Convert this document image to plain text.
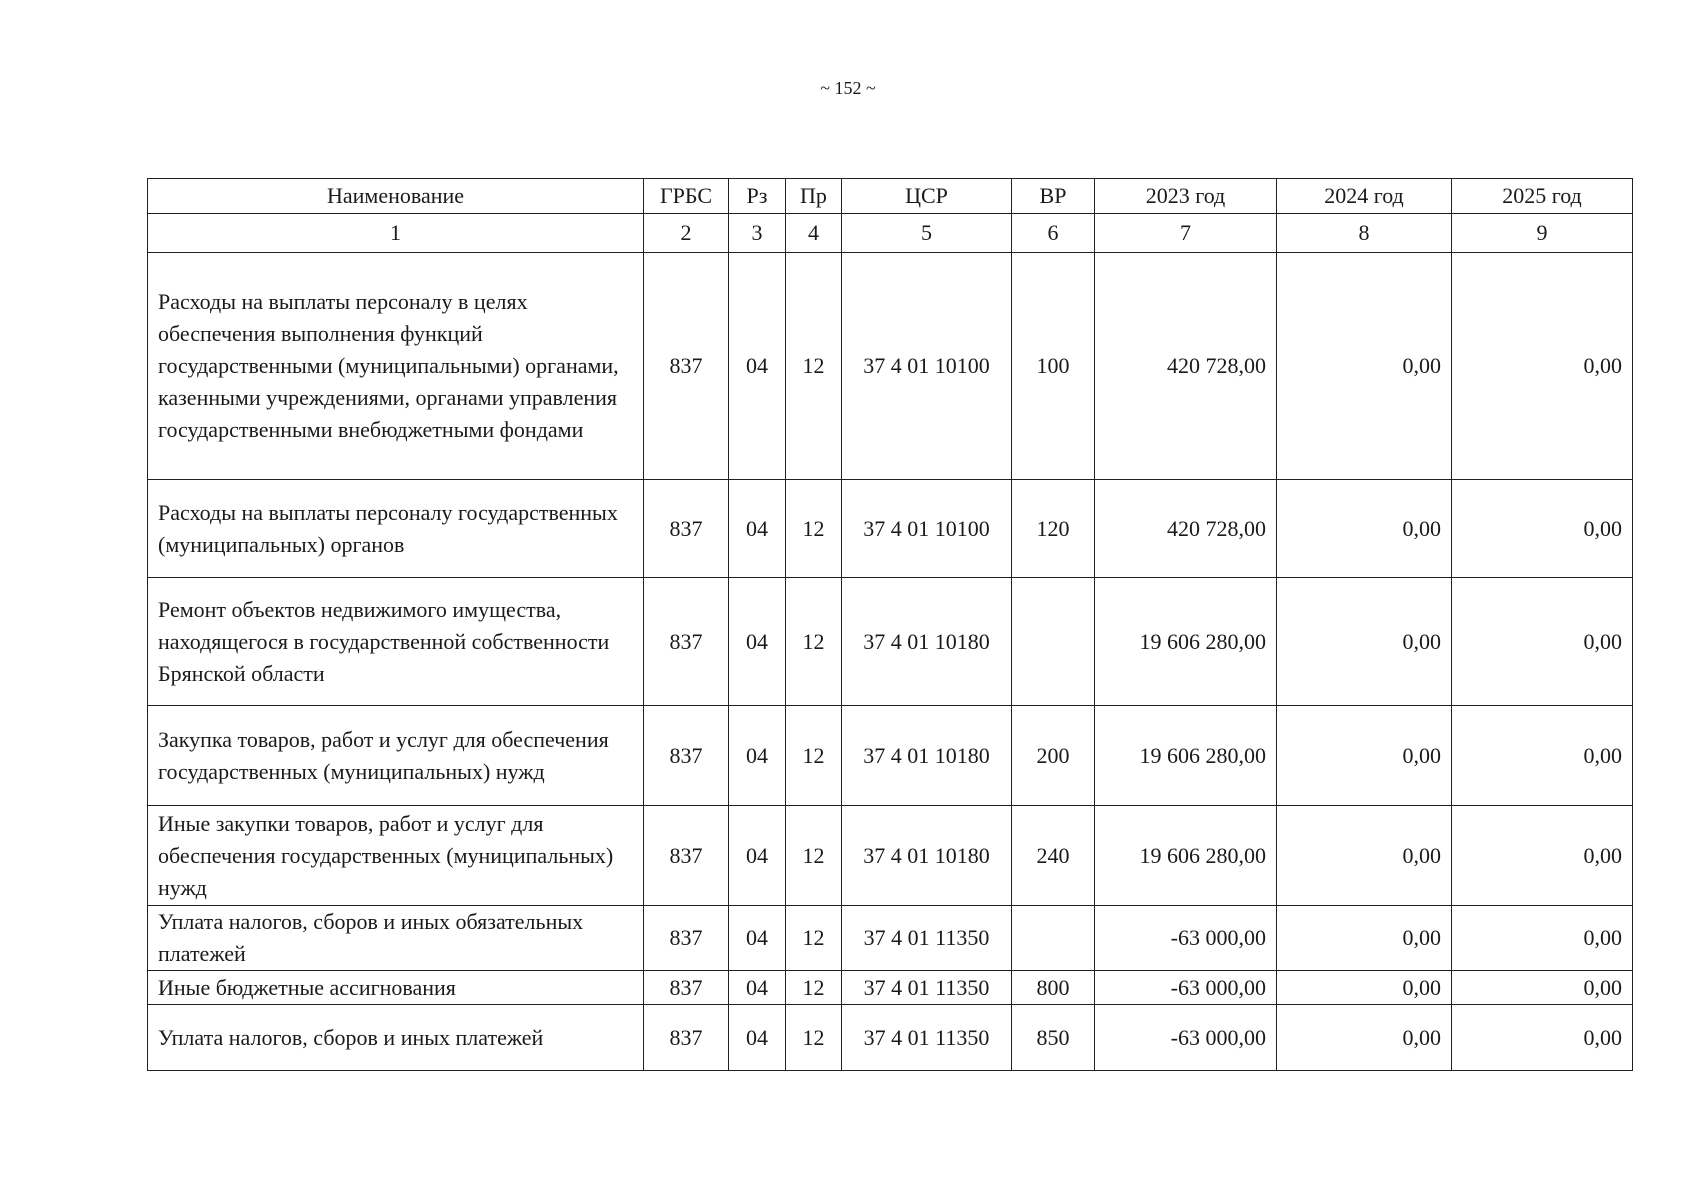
~ 152 ~
Наименование	ГРБС	Рз	Пр	ЦСР	ВР	2023 год	2024 год	2025 год
1	2	3	4	5	6	7	8	9
Расходы на выплаты персоналу в целях обеспечения выполнения функций государственными (муниципальными) органами, казенными учреждениями, органами управления государственными внебюджетными фондами	837	04	12	37 4 01 10100	100	420 728,00	0,00	0,00
Расходы на выплаты персоналу государственных (муниципальных) органов	837	04	12	37 4 01 10100	120	420 728,00	0,00	0,00
Ремонт объектов недвижимого имущества, находящегося в государственной собственности Брянской области	837	04	12	37 4 01 10180		19 606 280,00	0,00	0,00
Закупка товаров, работ и услуг для обеспечения государственных (муниципальных) нужд	837	04	12	37 4 01 10180	200	19 606 280,00	0,00	0,00
Иные закупки товаров, работ и услуг для обеспечения государственных (муниципальных) нужд	837	04	12	37 4 01 10180	240	19 606 280,00	0,00	0,00
Уплата налогов, сборов и иных обязательных платежей	837	04	12	37 4 01 11350		-63 000,00	0,00	0,00
Иные бюджетные ассигнования	837	04	12	37 4 01 11350	800	-63 000,00	0,00	0,00
Уплата налогов, сборов и иных платежей	837	04	12	37 4 01 11350	850	-63 000,00	0,00	0,00
